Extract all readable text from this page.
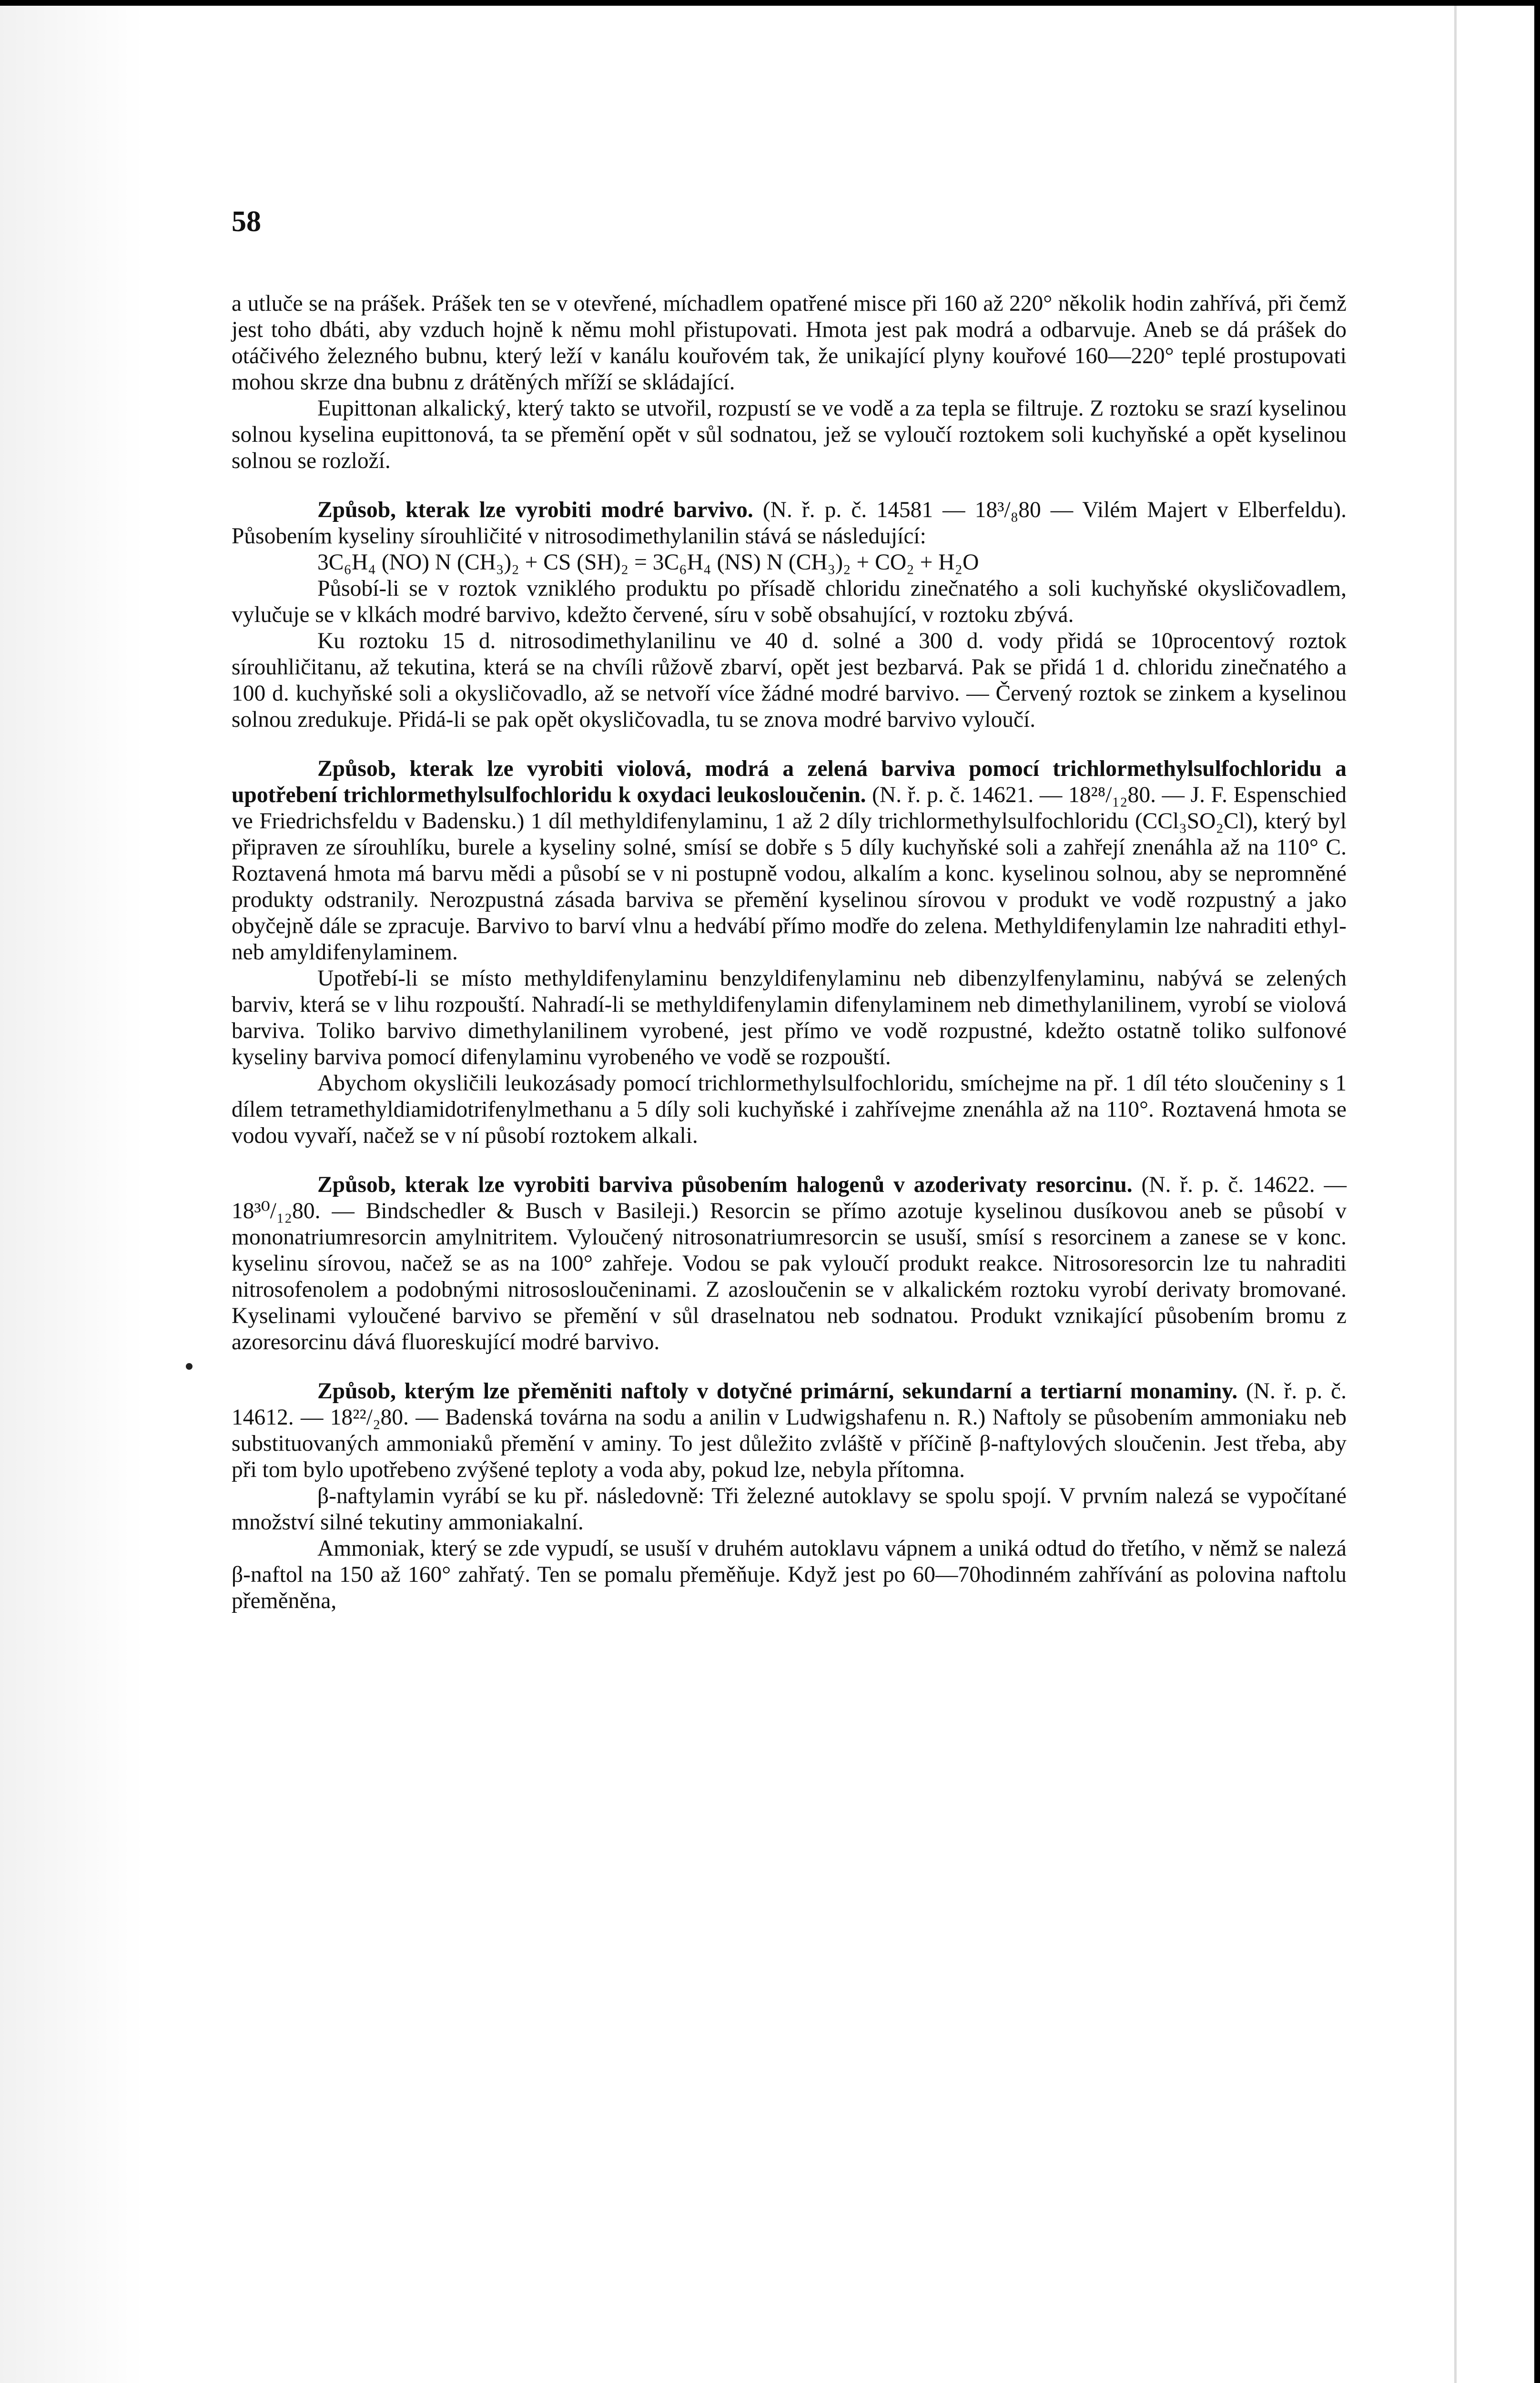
58

a utluče se na prášek. Prášek ten se v otevřené, míchadlem opatřené misce při 160 až 220° několik hodin zahřívá, při čemž jest toho dbáti, aby vzduch hojně k němu mohl přistupovati. Hmota jest pak modrá a odbarvuje. Aneb se dá prášek do otáčivého železného bubnu, který leží v kanálu kouřovém tak, že unikající plyny kouřové 160—220° teplé prostupovati mohou skrze dna bubnu z drátěných mříží se skládající.

Eupittonan alkalický, který takto se utvořil, rozpustí se ve vodě a za tepla se filtruje. Z roztoku se srazí kyselinou solnou kyselina eupittonová, ta se přemění opět v sůl sodnatou, jež se vyloučí roztokem soli kuchyňské a opět kyselinou solnou se rozloží.

Způsob, kterak lze vyrobiti modré barvivo. (N. ř. p. č. 14581 — 18³/₈80 — Vilém Majert v Elberfeldu). Působením kyseliny sírouhličité v nitrosodimethylanilin stává se následující:

3C₆H₄ (NO) N (CH₃)₂ + CS (SH)₂ = 3C₆H₄ (NS) N (CH₃)₂ + CO₂ + H₂O

Působí-li se v roztok vzniklého produktu po přísadě chloridu zinečnatého a soli kuchyňské okysličovadlem, vylučuje se v klkách modré barvivo, kdežto červené, síru v sobě obsahující, v roztoku zbývá.

Ku roztoku 15 d. nitrosodimethylanilinu ve 40 d. solné a 300 d. vody přidá se 10procentový roztok sírouhličitanu, až tekutina, která se na chvíli růžově zbarví, opět jest bezbarvá. Pak se přidá 1 d. chloridu zinečnatého a 100 d. kuchyňské soli a okysličovadlo, až se netvoří více žádné modré barvivo. — Červený roztok se zinkem a kyselinou solnou zredukuje. Přidá-li se pak opět okysličovadla, tu se znova modré barvivo vyloučí.

Způsob, kterak lze vyrobiti violová, modrá a zelená barviva pomocí trichlormethylsulfochloridu a upotřebení trichlormethylsulfochloridu k oxydaci leukosloučenin. (N. ř. p. č. 14621. — 18²⁸/₁₂80. — J. F. Espenschied ve Friedrichsfeldu v Badensku.) 1 díl methyldifenylaminu, 1 až 2 díly trichlormethylsulfochloridu (CCl₃SO₂Cl), který byl připraven ze sírouhlíku, burele a kyseliny solné, smísí se dobře s 5 díly kuchyňské soli a zahřejí znenáhla až na 110° C. Roztavená hmota má barvu mědi a působí se v ni postupně vodou, alkalím a konc. kyselinou solnou, aby se nepromněné produkty odstranily. Nerozpustná zásada barviva se přemění kyselinou sírovou v produkt ve vodě rozpustný a jako obyčejně dále se zpracuje. Barvivo to barví vlnu a hedvábí přímo modře do zelena. Methyldifenylamin lze nahraditi ethyl- neb amyldifenylaminem.

Upotřebí-li se místo methyldifenylaminu benzyldifenylaminu neb dibenzylfenylaminu, nabývá se zelených barviv, která se v lihu rozpouští. Nahradí-li se methyldifenylamin difenylaminem neb dimethylanilinem, vyrobí se violová barviva. Toliko barvivo dimethylanilinem vyrobené, jest přímo ve vodě rozpustné, kdežto ostatně toliko sulfonové kyseliny barviva pomocí difenylaminu vyrobeného ve vodě se rozpouští.

Abychom okysličili leukozásady pomocí trichlormethylsulfochloridu, smíchejme na př. 1 díl této sloučeniny s 1 dílem tetramethyldiamidotrifenylmethanu a 5 díly soli kuchyňské i zahřívejme znenáhla až na 110°. Roztavená hmota se vodou vyvaří, načež se v ní působí roztokem alkali.

Způsob, kterak lze vyrobiti barviva působením halogenů v azoderivaty resorcinu. (N. ř. p. č. 14622. — 18³⁰/₁₂80. — Bindschedler & Busch v Basileji.) Resorcin se přímo azotuje kyselinou dusíkovou aneb se působí v mononatriumresorcin amylnitritem. Vyloučený nitrosonatriumresorcin se usuší, smísí s resorcinem a zanese se v konc. kyselinu sírovou, načež se as na 100° zahřeje. Vodou se pak vyloučí produkt reakce. Nitrosoresorcin lze tu nahraditi nitrosofenolem a podobnými nitrososloučeninami. Z azosloučenin se v alkalickém roztoku vyrobí derivaty bromované. Kyselinami vyloučené barvivo se přemění v sůl draselnatou neb sodnatou. Produkt vznikající působením bromu z azoresorcinu dává fluoreskující modré barvivo.

Způsob, kterým lze přeměniti naftoly v dotyčné primární, sekundarní a tertiarní monaminy. (N. ř. p. č. 14612. — 18²²/₂80. — Badenská továrna na sodu a anilin v Ludwigshafenu n. R.) Naftoly se působením ammoniaku neb substituovaných ammoniaků přemění v aminy. To jest důležito zvláště v příčině β-naftylových sloučenin. Jest třeba, aby při tom bylo upotřebeno zvýšené teploty a voda aby, pokud lze, nebyla přítomna.

β-naftylamin vyrábí se ku př. následovně: Tři železné autoklavy se spolu spojí. V prvním nalezá se vypočítané množství silné tekutiny ammoniakalní.

Ammoniak, který se zde vypudí, se usuší v druhém autoklavu vápnem a uniká odtud do třetího, v němž se nalezá β-naftol na 150 až 160° zahřatý. Ten se pomalu přeměňuje. Když jest po 60—70hodinném zahřívání as polovina naftolu přeměněna,
